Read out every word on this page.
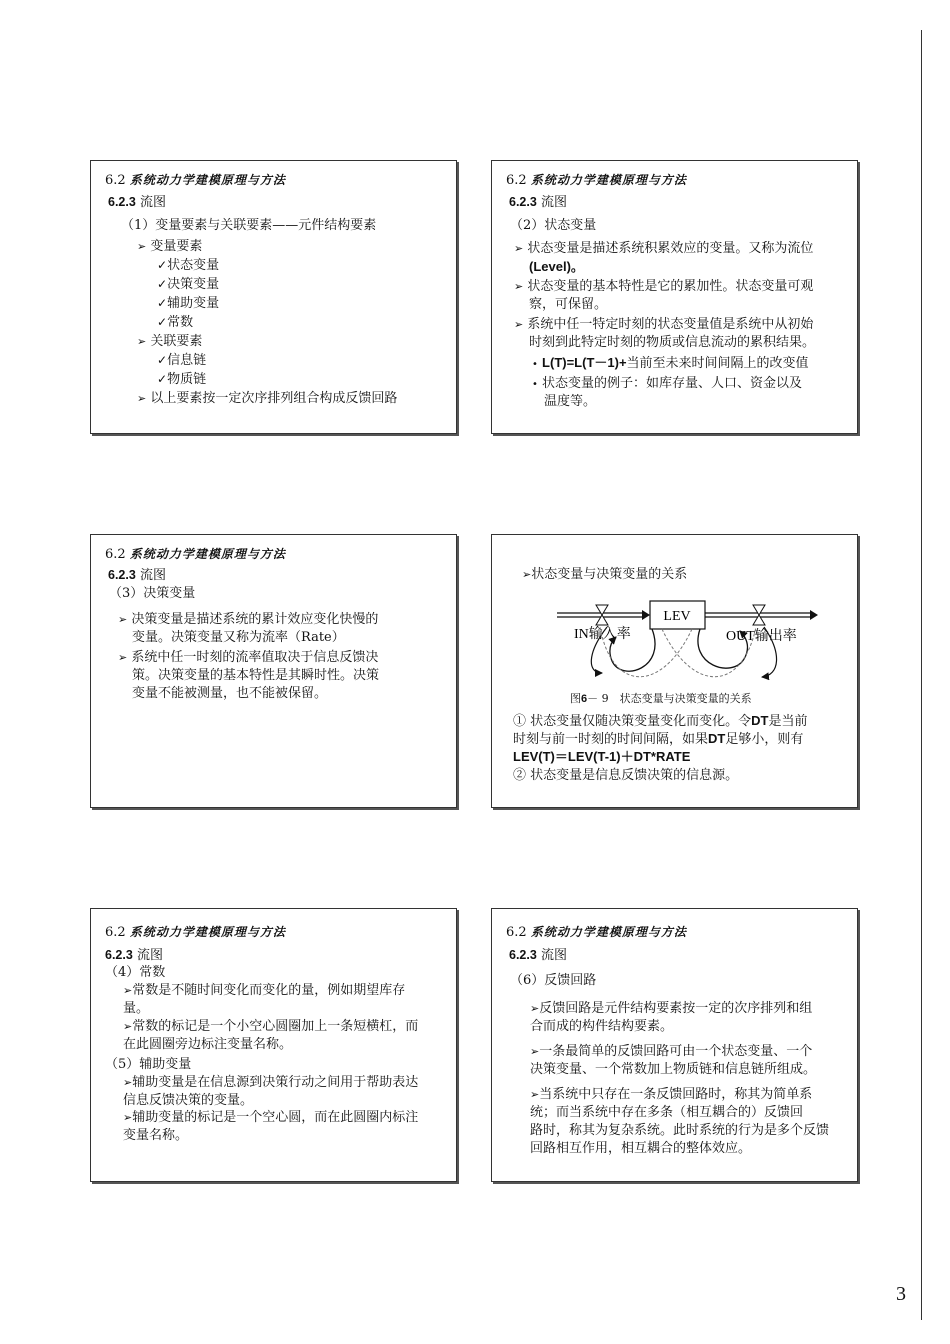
3
6.2 系统动力学建模原理与方法
6.2.3 流图
（1）变量要素与关联要素——元件结构要素
➢ 变量要素
✓状态变量
✓决策变量
✓辅助变量
✓常数
➢ 关联要素
✓信息链
✓物质链
➢ 以上要素按一定次序排列组合构成反馈回路
6.2 系统动力学建模原理与方法
6.2.3 流图
（2）状态变量
➢ 状态变量是描述系统积累效应的变量。又称为流位
(Level)。
➢ 状态变量的基本特性是它的累加性。状态变量可观
察，可保留。
➢ 系统中任一特定时刻的状态变量值是系统中从初始
时刻到此特定时刻的物质或信息流动的累积结果。
• L(T)=L(T－1)+当前至未来时间间隔上的改变值
• 状态变量的例子：如库存量、人口、资金以及
温度等。
6.2 系统动力学建模原理与方法
6.2.3 流图
（3）决策变量
➢ 决策变量是描述系统的累计效应变化快慢的
变量。决策变量又称为流率（Rate）
➢ 系统中任一时刻的流率值取决于信息反馈决
策。决策变量的基本特性是其瞬时性。决策
变量不能被测量，也不能被保留。
➢状态变量与决策变量的关系
LEV
IN输入率	OUT输出率
图6－ 9　状态变量与决策变量的关系
① 状态变量仅随决策变量变化而变化。令DT是当前
时刻与前一时刻的时间间隔，如果DT足够小，则有
LEV(T)＝LEV(T-1)＋DT*RATE
② 状态变量是信息反馈决策的信息源。
6.2 系统动力学建模原理与方法
6.2.3 流图
（4）常数
➢常数是不随时间变化而变化的量，例如期望库存
量。
➢常数的标记是一个小空心圆圈加上一条短横杠，而
在此圆圈旁边标注变量名称。
（5）辅助变量
➢辅助变量是在信息源到决策行动之间用于帮助表达
信息反馈决策的变量。
➢辅助变量的标记是一个空心圆，而在此圆圈内标注
变量名称。
6.2 系统动力学建模原理与方法
6.2.3 流图
（6）反馈回路
➢反馈回路是元件结构要素按一定的次序排列和组
合而成的构件结构要素。
➢一条最简单的反馈回路可由一个状态变量、一个
决策变量、一个常数加上物质链和信息链所组成。
➢当系统中只存在一条反馈回路时，称其为简单系
统；而当系统中存在多条（相互耦合的）反馈回
路时，称其为复杂系统。此时系统的行为是多个反馈
回路相互作用，相互耦合的整体效应。
